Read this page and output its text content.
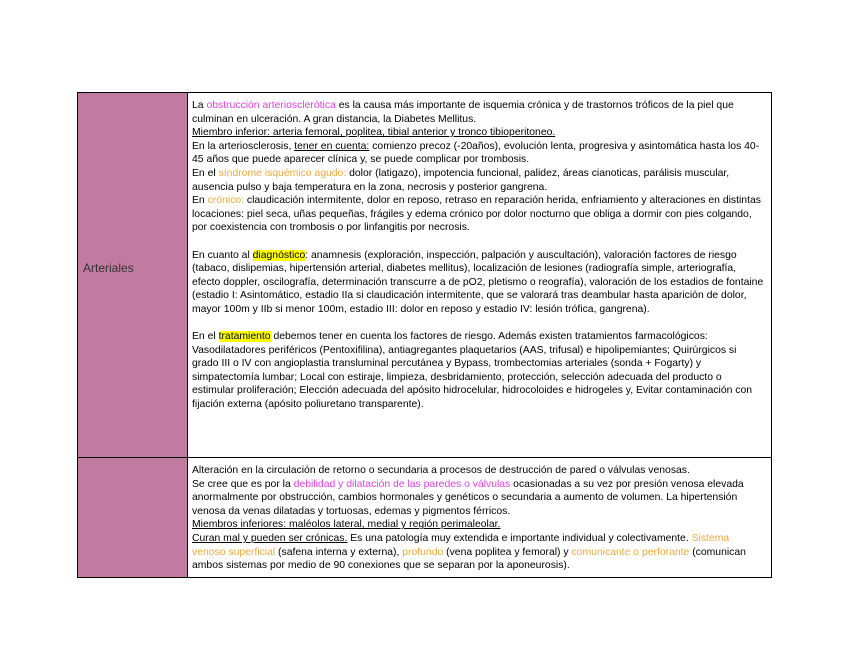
Arteriales

La obstrucción arteriosclerótica es la causa más importante de isquemia crónica y de trastornos tróficos de la piel que culminan en ulceración. A gran distancia, la Diabetes Mellitus.

Miembro inferior: arteria femoral, poplitea, tibial anterior y tronco tibioperitoneo.

En la arteriosclerosis, tener en cuenta: comienzo precoz (-20años), evolución lenta, progresiva y asintomática hasta los 40-45 años que puede aparecer clínica y, se puede complicar por trombosis.

En el síndrome isquémico agudo: dolor (latigazo), impotencia funcional, palidez, áreas cianoticas, parálisis muscular, ausencia pulso y baja temperatura en la zona, necrosis y posterior gangrena.

En crónico: claudicación intermitente, dolor en reposo, retraso en reparación herida, enfriamiento y alteraciones en distintas locaciones: piel seca, uñas pequeñas, frágiles y edema crónico por dolor nocturno que obliga a dormir con pies colgando, por coexistencia con trombosis o por linfangitis por necrosis.

En cuanto al diagnóstico: anamnesis (exploración, inspección, palpación y auscultación), valoración factores de riesgo (tabaco, dislipemias, hipertensión arterial, diabetes mellitus), localización de lesiones (radiografía simple, arteriografía, efecto doppler, oscilografía, determinación transcurre a de pO2, pletismo o reografía), valoración de los estadios de fontaine (estadio I: Asintomático, estadio IIa si claudicación intermitente, que se valorará tras deambular hasta aparición de dolor, mayor 100m y IIb si menor 100m, estadio III: dolor en reposo y estadio IV: lesión trófica, gangrena).

En el tratamiento debemos tener en cuenta los factores de riesgo. Además existen tratamientos farmacológicos: Vasodilatadores periféricos (Pentoxifilina), antiagregantes plaquetarios (AAS, trifusal) e hipolipemiantes; Quirúrgicos si grado III o IV con angioplastia transluminal percutánea y Bypass, trombectomias arteriales (sonda + Fogarty) y simpatectomía lumbar; Local con estiraje, limpieza, desbridamiento, protección, selección adecuada del producto o estimular proliferación; Elección adecuada del apósito hidrocelular, hidrocoloides e hidrogeles y, Evitar contaminación con fijación externa (apósito poliuretano transparente).

Alteración en la circulación de retorno o secundaria a procesos de destrucción de pared o válvulas venosas.

Se cree que es por la debilidad y dilatación de las paredes o válvulas ocasionadas a su vez por presión venosa elevada anormalmente por obstrucción, cambios hormonales y genéticos o secundaria a aumento de volumen. La hipertensión venosa da venas dilatadas y tortuosas, edemas y pigmentos férricos.

Miembros inferiores: maléolos lateral, medial y región perimaleolar.

Curan mal y pueden ser crónicas. Es una patología muy extendida e importante individual y colectivamente. Sistema venoso superficial (safena interna y externa), profundo (vena poplitea y femoral) y comunicante o perforante (comunican ambos sistemas por medio de 90 conexiones que se separan por la aponeurosis).
